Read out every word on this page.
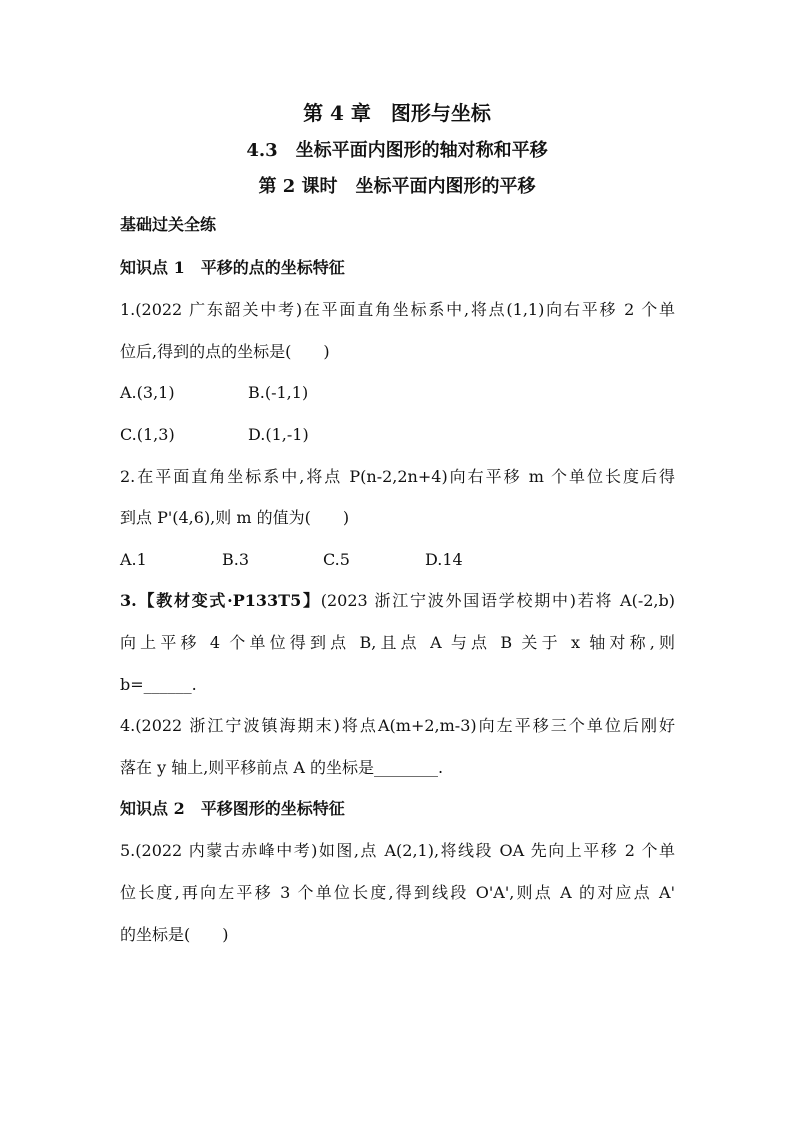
第 4 章　图形与坐标
4.3　坐标平面内图形的轴对称和平移
第 2 课时　坐标平面内图形的平移
基础过关全练
知识点 1　平移的点的坐标特征
1.(2022 广东韶关中考)在平面直角坐标系中,将点(1,1)向右平移 2 个单
位后,得到的点的坐标是(　　)
A.(3,1)	B.(-1,1)
C.(1,3)	D.(1,-1)
2.在平面直角坐标系中,将点 P(n-2,2n+4)向右平移 m 个单位长度后得
到点 P'(4,6),则 m 的值为(　　)
A.1	B.3	C.5	D.14
3.【教材变式·P133T5】(2023 浙江宁波外国语学校期中)若将 A(-2,b)
向上平移 4 个单位得到点 B,且点 A 与点 B 关于 x 轴对称,则
b=______.
4.(2022 浙江宁波镇海期末)将点A(m+2,m-3)向左平移三个单位后刚好
落在 y 轴上,则平移前点 A 的坐标是________.
知识点 2　平移图形的坐标特征
5.(2022 内蒙古赤峰中考)如图,点 A(2,1),将线段 OA 先向上平移 2 个单
位长度,再向左平移 3 个单位长度,得到线段 O'A',则点 A 的对应点 A'
的坐标是(　　)
